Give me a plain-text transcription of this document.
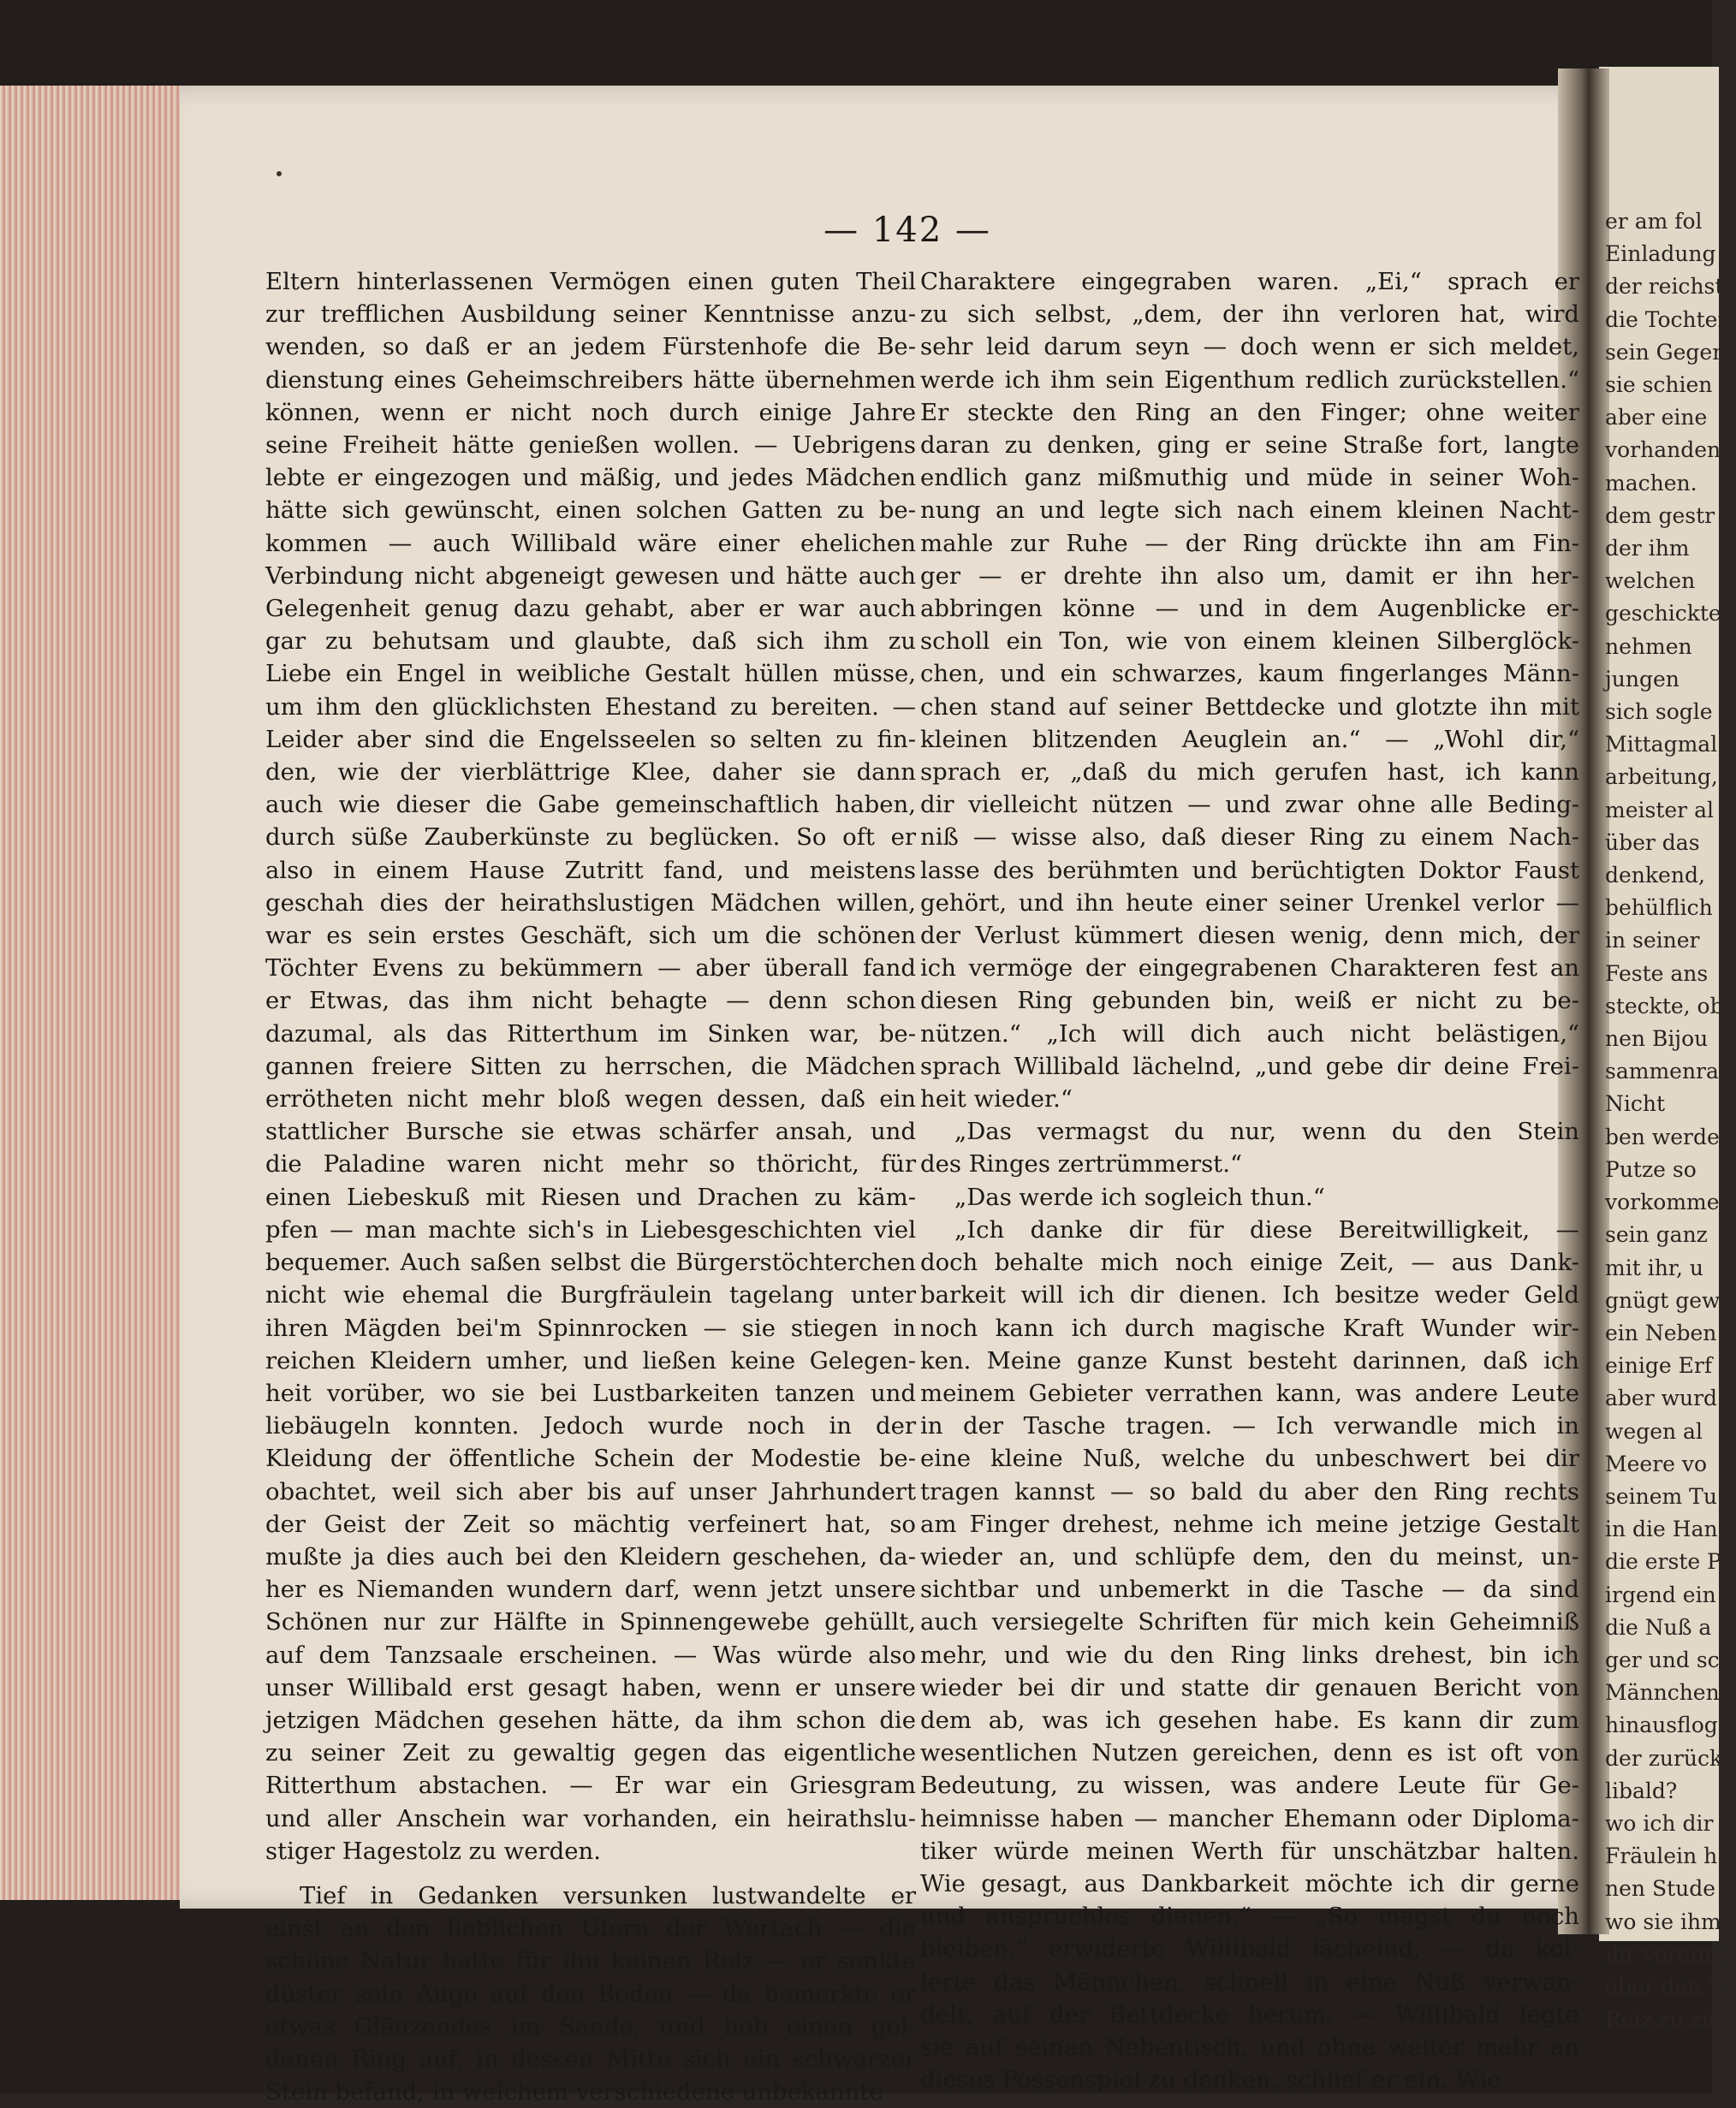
— 142 —
Eltern hinterlassenen Vermögen einen guten Theil
zur trefflichen Ausbildung seiner Kenntnisse anzu-
wenden, so daß er an jedem Fürstenhofe die Be-
dienstung eines Geheimschreibers hätte übernehmen
können, wenn er nicht noch durch einige Jahre
seine Freiheit hätte genießen wollen. — Uebrigens
lebte er eingezogen und mäßig, und jedes Mädchen
hätte sich gewünscht, einen solchen Gatten zu be-
kommen — auch Willibald wäre einer ehelichen
Verbindung nicht abgeneigt gewesen und hätte auch
Gelegenheit genug dazu gehabt, aber er war auch
gar zu behutsam und glaubte, daß sich ihm zu
Liebe ein Engel in weibliche Gestalt hüllen müsse,
um ihm den glücklichsten Ehestand zu bereiten. —
Leider aber sind die Engelsseelen so selten zu fin-
den, wie der vierblättrige Klee, daher sie dann
auch wie dieser die Gabe gemeinschaftlich haben,
durch süße Zauberkünste zu beglücken. So oft er
also in einem Hause Zutritt fand, und meistens
geschah dies der heirathslustigen Mädchen willen,
war es sein erstes Geschäft, sich um die schönen
Töchter Evens zu bekümmern — aber überall fand
er Etwas, das ihm nicht behagte — denn schon
dazumal, als das Ritterthum im Sinken war, be-
gannen freiere Sitten zu herrschen, die Mädchen
errötheten nicht mehr bloß wegen dessen, daß ein
stattlicher Bursche sie etwas schärfer ansah, und
die Paladine waren nicht mehr so thöricht, für
einen Liebeskuß mit Riesen und Drachen zu käm-
pfen — man machte sich's in Liebesgeschichten viel
bequemer. Auch saßen selbst die Bürgerstöchterchen
nicht wie ehemal die Burgfräulein tagelang unter
ihren Mägden bei'm Spinnrocken — sie stiegen in
reichen Kleidern umher, und ließen keine Gelegen-
heit vorüber, wo sie bei Lustbarkeiten tanzen und
liebäugeln konnten. Jedoch wurde noch in der
Kleidung der öffentliche Schein der Modestie be-
obachtet, weil sich aber bis auf unser Jahrhundert
der Geist der Zeit so mächtig verfeinert hat, so
mußte ja dies auch bei den Kleidern geschehen, da-
her es Niemanden wundern darf, wenn jetzt unsere
Schönen nur zur Hälfte in Spinnengewebe gehüllt,
auf dem Tanzsaale erscheinen. — Was würde also
unser Willibald erst gesagt haben, wenn er unsere
jetzigen Mädchen gesehen hätte, da ihm schon die
zu seiner Zeit zu gewaltig gegen das eigentliche
Ritterthum abstachen. — Er war ein Griesgram
und aller Anschein war vorhanden, ein heirathslu-
stiger Hagestolz zu werden.
Tief in Gedanken versunken lustwandelte er
einst an den lieblichen Ufern der Wertach — die
schöne Natur hatte für ihn keinen Reiz — er senkte
düster sein Auge auf den Boden — da bemerkte er
etwas Glänzendes im Sande, und hob einen gol-
denen Ring auf, in dessen Mitte sich ein schwarzer
Stein befand, in welchem verschiedene unbekannte
Charaktere eingegraben waren. „Ei,“ sprach er
zu sich selbst, „dem, der ihn verloren hat, wird
sehr leid darum seyn — doch wenn er sich meldet,
werde ich ihm sein Eigenthum redlich zurückstellen.“
Er steckte den Ring an den Finger; ohne weiter
daran zu denken, ging er seine Straße fort, langte
endlich ganz mißmuthig und müde in seiner Woh-
nung an und legte sich nach einem kleinen Nacht-
mahle zur Ruhe — der Ring drückte ihn am Fin-
ger — er drehte ihn also um, damit er ihn her-
abbringen könne — und in dem Augenblicke er-
scholl ein Ton, wie von einem kleinen Silberglöck-
chen, und ein schwarzes, kaum fingerlanges Männ-
chen stand auf seiner Bettdecke und glotzte ihn mit
kleinen blitzenden Aeuglein an.“ — „Wohl dir,“
sprach er, „daß du mich gerufen hast, ich kann
dir vielleicht nützen — und zwar ohne alle Beding-
niß — wisse also, daß dieser Ring zu einem Nach-
lasse des berühmten und berüchtigten Doktor Faust
gehört, und ihn heute einer seiner Urenkel verlor —
der Verlust kümmert diesen wenig, denn mich, der
ich vermöge der eingegrabenen Charakteren fest an
diesen Ring gebunden bin, weiß er nicht zu be-
nützen.“ „Ich will dich auch nicht belästigen,“
sprach Willibald lächelnd, „und gebe dir deine Frei-
heit wieder.“
„Das vermagst du nur, wenn du den Stein
des Ringes zertrümmerst.“
„Das werde ich sogleich thun.“
„Ich danke dir für diese Bereitwilligkeit, —
doch behalte mich noch einige Zeit, — aus Dank-
barkeit will ich dir dienen. Ich besitze weder Geld
noch kann ich durch magische Kraft Wunder wir-
ken. Meine ganze Kunst besteht darinnen, daß ich
meinem Gebieter verrathen kann, was andere Leute
in der Tasche tragen. — Ich verwandle mich in
eine kleine Nuß, welche du unbeschwert bei dir
tragen kannst — so bald du aber den Ring rechts
am Finger drehest, nehme ich meine jetzige Gestalt
wieder an, und schlüpfe dem, den du meinst, un-
sichtbar und unbemerkt in die Tasche — da sind
auch versiegelte Schriften für mich kein Geheimniß
mehr, und wie du den Ring links drehest, bin ich
wieder bei dir und statte dir genauen Bericht von
dem ab, was ich gesehen habe. Es kann dir zum
wesentlichen Nutzen gereichen, denn es ist oft von
Bedeutung, zu wissen, was andere Leute für Ge-
heimnisse haben — mancher Ehemann oder Diploma-
tiker würde meinen Werth für unschätzbar halten.
Wie gesagt, aus Dankbarkeit möchte ich dir gerne
und anspruchlos dienen.“ — „So magst du noch
bleiben,“ erwiderte Willibald lächelnd, — da kol-
lerte das Männchen, schnell in eine Nuß verwan-
delt, auf der Bettdecke herum. — Willibald legte
sie auf seinen Nebentisch, und ohne weiter mehr an
dieses Possenspiel zu denken, schlief er ein. Wie
er am fol
Einladung
der reichste
die Tochter
sein Gegen
sie schien
aber eine
vorhanden
machen.
dem gestr
der ihm
welchen
geschickte
nehmen
jungen
sich sogle
Mittagmal
arbeitung,
meister al
über das
denkend,
behülflich
in seiner
Feste ans
steckte, ob
nen Bijou
sammenraf
Nicht
ben werde
Putze so
vorkommen
sein ganz
mit ihr, u
gnügt gew
ein Neben
einige Erf
aber wurd
wegen al
Meere vo
seinem Tu
in die Han
die erste P
irgend ein
die Nuß a
ger und sch
Männchen
hinausflog.
der zurück.
libald?
wo ich dir
Fräulein h
nen Stude
wo sie ihm
ihr vereinig
aber den N
Reiz zu zieh
